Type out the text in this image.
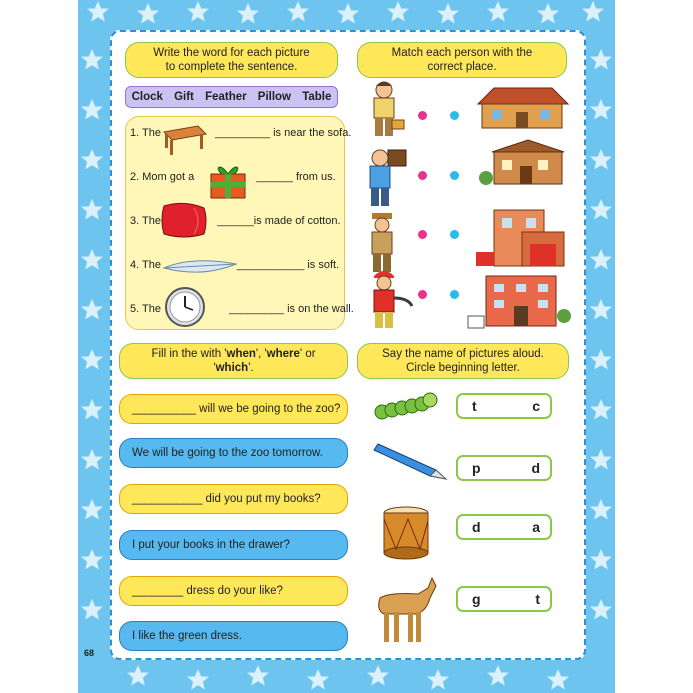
68
Write the word for each picture
to complete the sentence.
Clock Gift Feather Pillow Table
1. The	_________ is near the sofa.
2. Mom got a	______ from us.
3. The	______is made of cotton.
4. The	___________ is soft.
5. The	_________ is on the wall.
Match each person with the
correct place.
Fill in the with 'when', 'where' or
'which'.
__________ will we be going to the zoo?
We will be going to the zoo tomorrow.
___________ did you put my books?
I put your books in the drawer?
________ dress do your like?
I like the green dress.
Say the name of pictures aloud.
Circle beginning letter.
t	c
p	d
d	a
g	t
